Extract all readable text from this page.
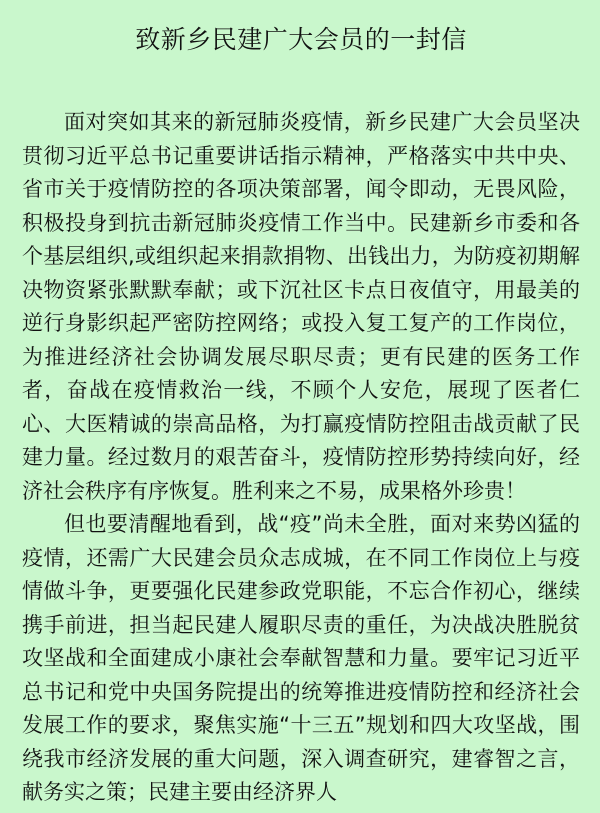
致新乡民建广大会员的一封信

面对突如其来的新冠肺炎疫情，新乡民建广大会员坚决贯彻习近平总书记重要讲话指示精神，严格落实中共中央、省市关于疫情防控的各项决策部署，闻令即动，无畏风险，积极投身到抗击新冠肺炎疫情工作当中。民建新乡市委和各个基层组织,或组织起来捐款捐物、出钱出力，为防疫初期解决物资紧张默默奉献；或下沉社区卡点日夜值守，用最美的逆行身影织起严密防控网络；或投入复工复产的工作岗位，为推进经济社会协调发展尽职尽责；更有民建的医务工作者，奋战在疫情救治一线，不顾个人安危，展现了医者仁心、大医精诚的崇高品格，为打赢疫情防控阻击战贡献了民建力量。经过数月的艰苦奋斗，疫情防控形势持续向好，经济社会秩序有序恢复。胜利来之不易，成果格外珍贵！

但也要清醒地看到，战“疫”尚未全胜，面对来势凶猛的疫情，还需广大民建会员众志成城，在不同工作岗位上与疫情做斗争，更要强化民建参政党职能，不忘合作初心，继续携手前进，担当起民建人履职尽责的重任，为决战决胜脱贫攻坚战和全面建成小康社会奉献智慧和力量。要牢记习近平总书记和党中央国务院提出的统筹推进疫情防控和经济社会发展工作的要求，聚焦实施“十三五”规划和四大攻坚战，围绕我市经济发展的重大问题，深入调查研究，建睿智之言，献务实之策；民建主要由经济界人
